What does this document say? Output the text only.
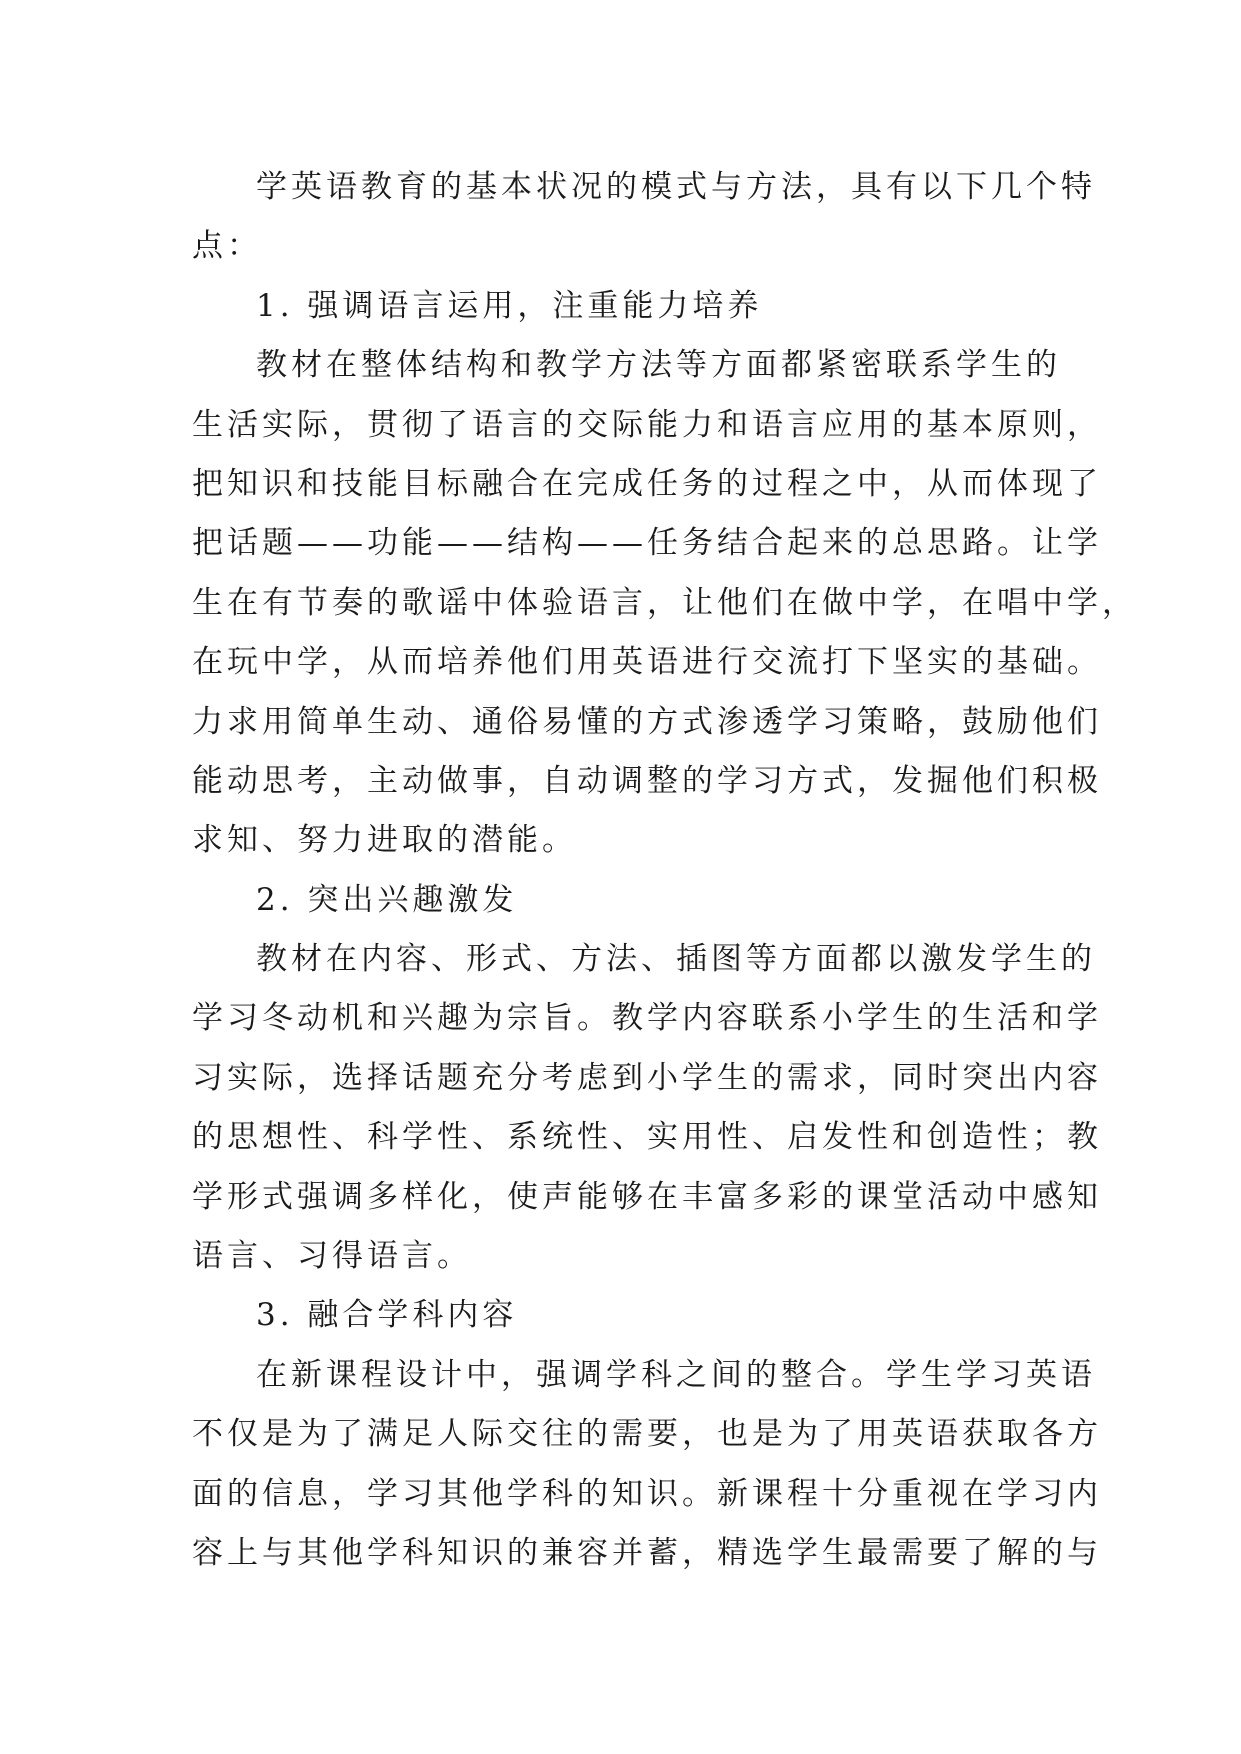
学英语教育的基本状况的模式与方法，具有以下几个特
点：
1. 强调语言运用，注重能力培养
教材在整体结构和教学方法等方面都紧密联系学生的
生活实际，贯彻了语言的交际能力和语言应用的基本原则，
把知识和技能目标融合在完成任务的过程之中，从而体现了
把话题——功能——结构——任务结合起来的总思路。让学
生在有节奏的歌谣中体验语言，让他们在做中学，在唱中学，
在玩中学，从而培养他们用英语进行交流打下坚实的基础。
力求用简单生动、通俗易懂的方式渗透学习策略，鼓励他们
能动思考，主动做事，自动调整的学习方式，发掘他们积极
求知、努力进取的潜能。
2. 突出兴趣激发
教材在内容、形式、方法、插图等方面都以激发学生的
学习冬动机和兴趣为宗旨。教学内容联系小学生的生活和学
习实际，选择话题充分考虑到小学生的需求，同时突出内容
的思想性、科学性、系统性、实用性、启发性和创造性；教
学形式强调多样化，使声能够在丰富多彩的课堂活动中感知
语言、习得语言。
3. 融合学科内容
在新课程设计中，强调学科之间的整合。学生学习英语
不仅是为了满足人际交往的需要，也是为了用英语获取各方
面的信息，学习其他学科的知识。新课程十分重视在学习内
容上与其他学科知识的兼容并蓄，精选学生最需要了解的与
